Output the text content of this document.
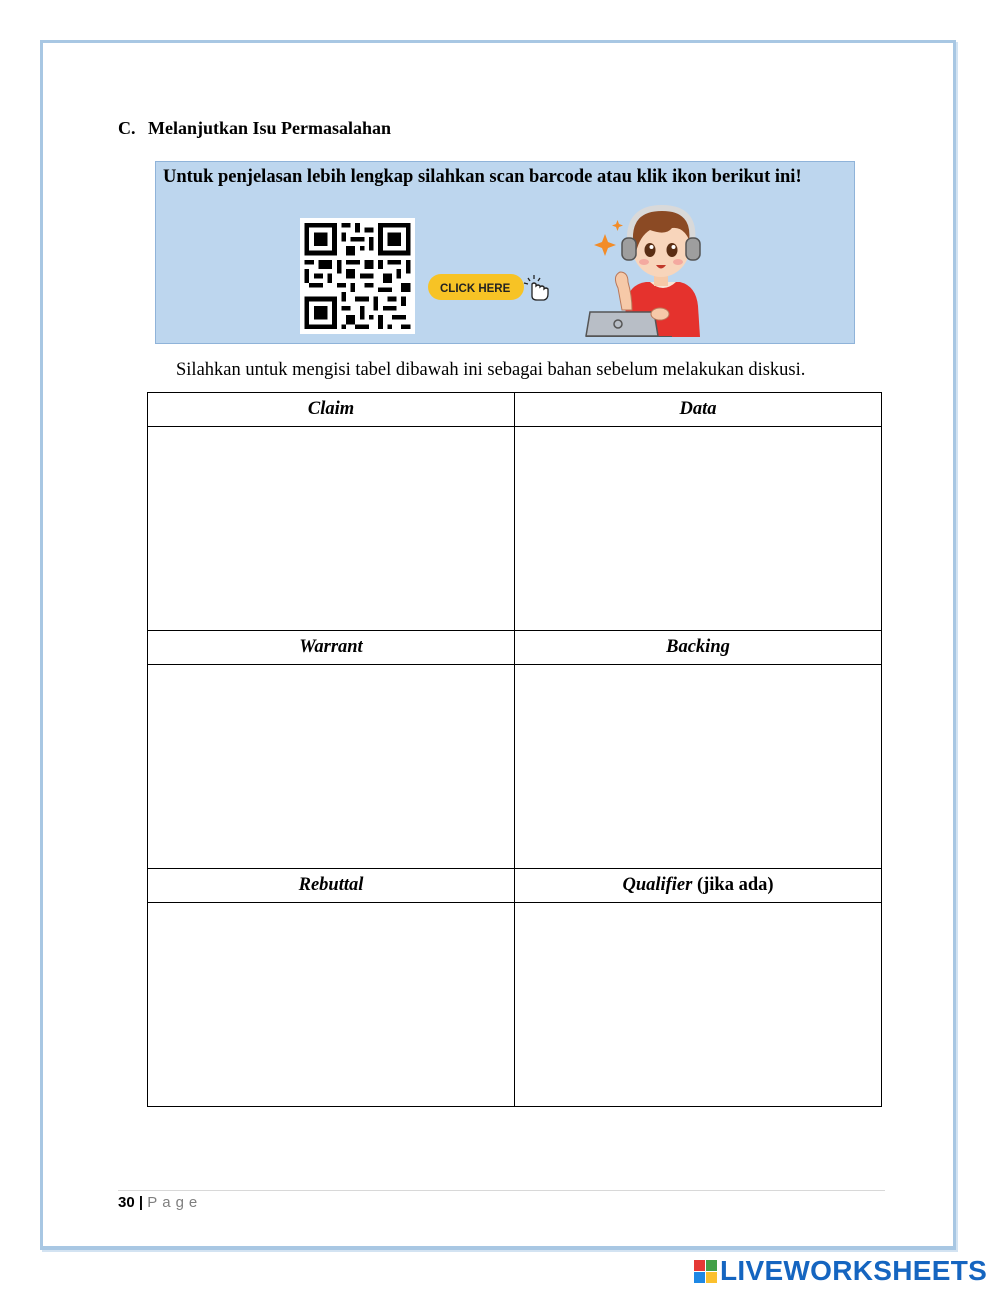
C. Melanjutkan Isu Permasalahan
Untuk penjelasan lebih lengkap silahkan scan barcode atau klik ikon berikut ini!
CLICK HERE
Silahkan untuk mengisi tabel dibawah ini sebagai bahan sebelum melakukan diskusi.
Claim	Data

Warrant	Backing

Rebuttal	Qualifier (jika ada)

30 | Page
LIVEWORKSHEETS
